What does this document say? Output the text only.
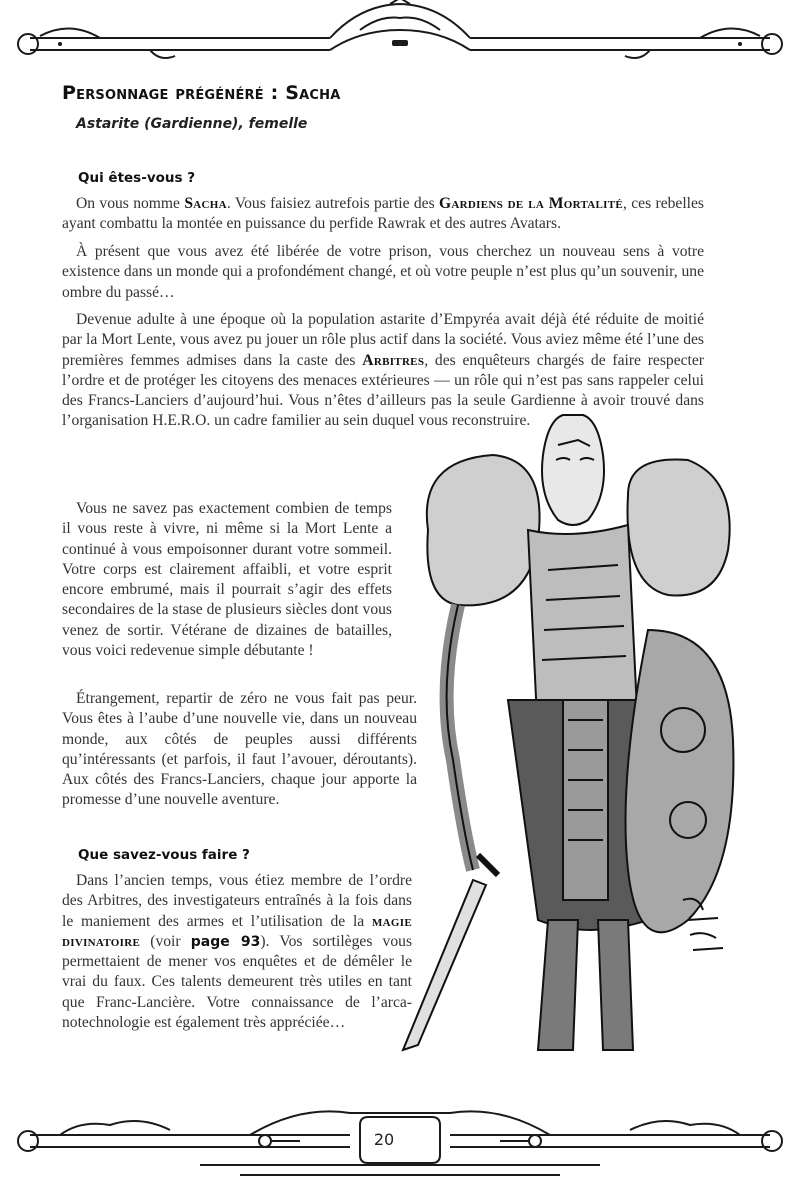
Personnage prégénéré : Sacha

Astarite (Gardienne), femelle

Qui êtes-vous ?

On vous nomme Sacha. Vous faisiez autrefois partie des Gardiens de la Mortalité, ces rebelles ayant combattu la montée en puissance du perfide Rawrak et des autres Avatars.

À présent que vous avez été libérée de votre prison, vous cherchez un nouveau sens à votre existence dans un monde qui a profondément changé, et où votre peuple n’est plus qu’un souvenir, une ombre du passé…

Devenue adulte à une époque où la population astarite d’Empyréa avait déjà été réduite de moitié par la Mort Lente, vous avez pu jouer un rôle plus actif dans la société. Vous aviez même été l’une des premières femmes admises dans la caste des Arbitres, des enquêteurs chargés de faire respecter l’ordre et de protéger les citoyens des menaces extérieures — un rôle qui n’est pas sans rappeler celui des Francs-Lanciers d’aujourd’hui. Vous n’êtes d’ailleurs pas la seule Gardienne à avoir trouvé dans l’organisation H.E.R.O. un cadre familier au sein duquel vous reconstruire.

Vous ne savez pas exactement combien de temps il vous reste à vivre, ni même si la Mort Lente a continué à vous empoisonner durant votre sommeil. Votre corps est clairement affaibli, et votre esprit encore embrumé, mais il pourrait s’agir des effets secondaires de la stase de plusieurs siècles dont vous venez de sortir. Vétérane de dizaines de batailles, vous voici redevenue simple débutante !

Étrangement, repartir de zéro ne vous fait pas peur. Vous êtes à l’aube d’une nouvelle vie, dans un nouveau monde, aux côtés de peuples aussi différents qu’intéressants (et parfois, il faut l’avouer, déroutants). Aux côtés des Francs-Lanciers, chaque jour apporte la promesse d’une nouvelle aventure.

Que savez-vous faire ?

Dans l’ancien temps, vous étiez membre de l’ordre des Arbitres, des investigateurs entraînés à la fois dans le maniement des armes et l’utilisation de la magie divinatoire (voir page 93). Vos sortilèges vous permettaient de mener vos enquêtes et de démêler le vrai du faux. Ces talents demeurent très utiles en tant que Franc-Lancière. Votre connaissance de l’arcanotechnologie est également très appréciée…

20
